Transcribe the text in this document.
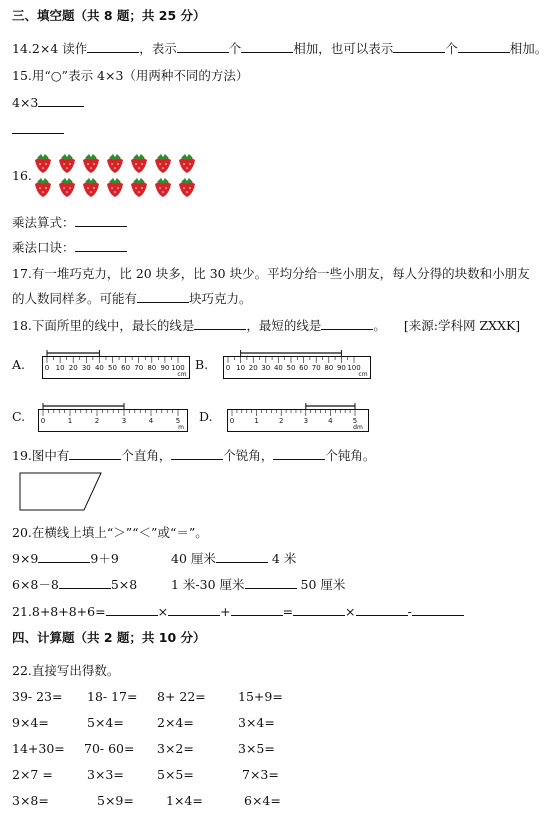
三、填空题（共 8 题；共 25 分）
14.2×4 读作	，表示	个	相加，也可以表示	个	相加。
15.用“○”表示 4×3（用两种不同的方法）
4×3
16.
乘法算式：
乘法口诀：
17.有一堆巧克力，比 20 块多，比 30 块少。平均分给一些小朋友，每人分得的块数和小朋友
的人数同样多。可能有	块巧克力。
18.下面所里的线中，最长的线是	，最短的线是	。 [来源:学科网 ZXXK]
A.	B.
C.	D.
0 10 20 30 40 50 60 70 80 90 100
cm
0 10 20 30 40 50 60 70 80 90 100
cm
0	1	2	3	4	5
m
0	1	2	3	4	5
dm
19.图中有	个直角，	个锐角，	个钝角。
20.在横线上填上“＞”“＜”或“＝”。
9×9	9＋9	40 厘米	4 米
6×8－8	5×8	1 米-30 厘米	50 厘米
21.8+8+8+6=	×	+	=	×	-
四、计算题（共 2 题；共 10 分）
22.直接写出得数。
39- 23= 18- 17= 8+ 22=	15+9=
9×4=	5×4=	2×4=	3×4=
14+30= 70- 60= 3×2=	3×5=
2×7 =	3×3=	5×5=	7×3=
3×8=	5×9=	1×4=	6×4=
